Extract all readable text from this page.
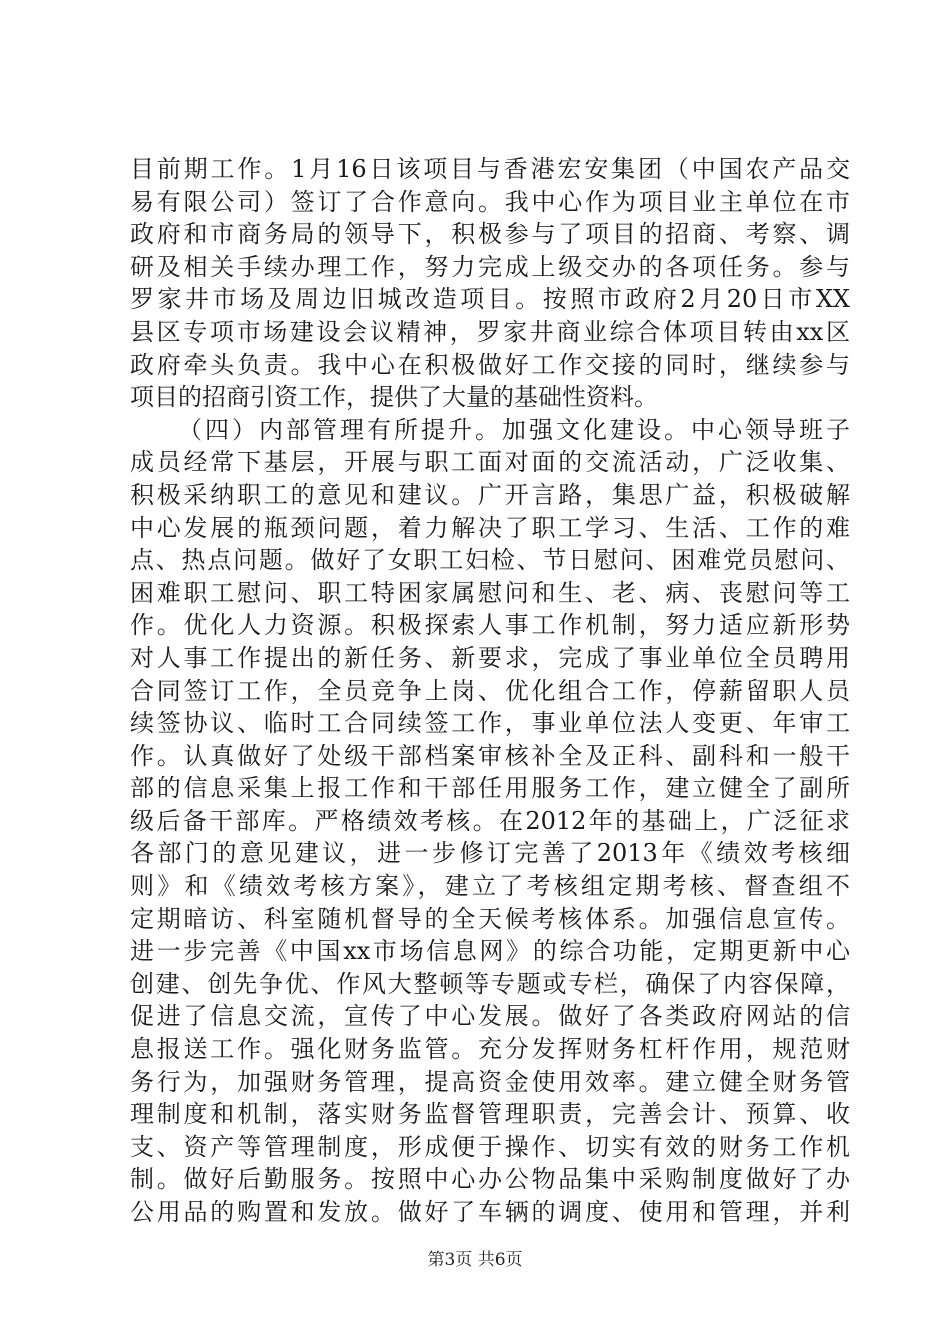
目前期工作。1月16日该项目与香港宏安集团（中国农产品交
易有限公司）签订了合作意向。我中心作为项目业主单位在市
政府和市商务局的领导下，积极参与了项目的招商、考察、调
研及相关手续办理工作，努力完成上级交办的各项任务。参与
罗家井市场及周边旧城改造项目。按照市政府2月20日市XX
县区专项市场建设会议精神，罗家井商业综合体项目转由xx区
政府牵头负责。我中心在积极做好工作交接的同时，继续参与
项目的招商引资工作，提供了大量的基础性资料。
（四）内部管理有所提升。加强文化建设。中心领导班子
成员经常下基层，开展与职工面对面的交流活动，广泛收集、
积极采纳职工的意见和建议。广开言路，集思广益，积极破解
中心发展的瓶颈问题，着力解决了职工学习、生活、工作的难
点、热点问题。做好了女职工妇检、节日慰问、困难党员慰问、
困难职工慰问、职工特困家属慰问和生、老、病、丧慰问等工
作。优化人力资源。积极探索人事工作机制，努力适应新形势
对人事工作提出的新任务、新要求，完成了事业单位全员聘用
合同签订工作，全员竞争上岗、优化组合工作，停薪留职人员
续签协议、临时工合同续签工作，事业单位法人变更、年审工
作。认真做好了处级干部档案审核补全及正科、副科和一般干
部的信息采集上报工作和干部任用服务工作，建立健全了副所
级后备干部库。严格绩效考核。在2012年的基础上，广泛征求
各部门的意见建议，进一步修订完善了2013年《绩效考核细
则》和《绩效考核方案》，建立了考核组定期考核、督查组不
定期暗访、科室随机督导的全天候考核体系。加强信息宣传。
进一步完善《中国xx市场信息网》的综合功能，定期更新中心
创建、创先争优、作风大整顿等专题或专栏，确保了内容保障，
促进了信息交流，宣传了中心发展。做好了各类政府网站的信
息报送工作。强化财务监管。充分发挥财务杠杆作用，规范财
务行为，加强财务管理，提高资金使用效率。建立健全财务管
理制度和机制，落实财务监督管理职责，完善会计、预算、收
支、资产等管理制度，形成便于操作、切实有效的财务工作机
制。做好后勤服务。按照中心办公物品集中采购制度做好了办
公用品的购置和发放。做好了车辆的调度、使用和管理，并利
第3页 共6页
